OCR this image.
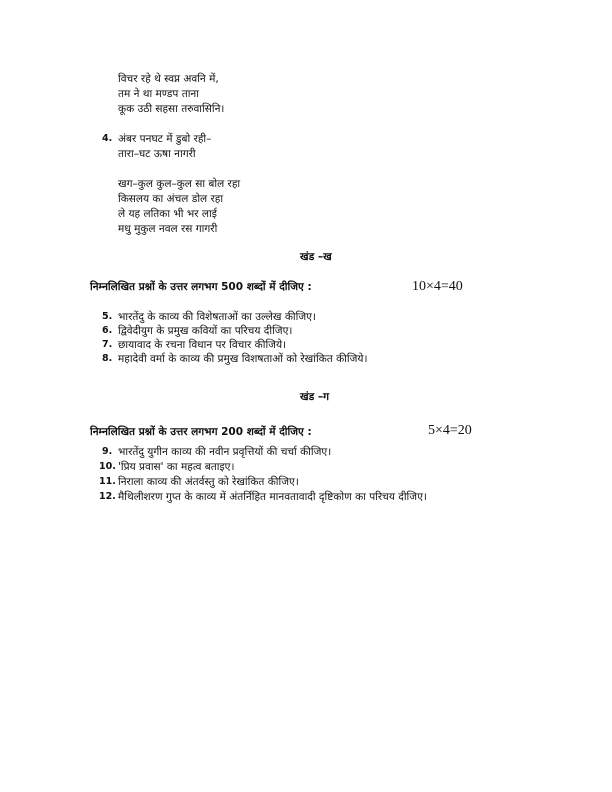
विचर रहे थे स्वप्न अवनि में,
तम ने था मण्डप ताना
कूक उठी सहसा तरुवासिनि।
4. अंबर पनघट में डुबो रही–
तारा–घट ऊषा नागरी
खग–कुल कुल–कुल सा बोल रहा
किसलय का अंचल डोल रहा
ले यह लतिका भी भर लाई
मधु मुकुल नवल रस गागरी
खंड –ख
निम्नलिखित प्रश्नों के उत्तर लगभग 500 शब्दों में दीजिए :	10×4=40
5. भारतेंदु के काव्य की विशेषताओं का उल्लेख कीजिए।
6. द्विवेदीयुग के प्रमुख कवियों का परिचय दीजिए।
7. छायावाद के रचना विधान पर विचार कीजिये।
8. महादेवी वर्मा के काव्य की प्रमुख विशषताओं को रेखांकित कीजिये।
खंड –ग
निम्नलिखित प्रश्नों के उत्तर लगभग 200 शब्दों में दीजिए :	5×4=20
9. भारतेंदु युगीन काव्य की नवीन प्रवृत्तियों की चर्चा कीजिए।
10. 'प्रिय प्रवास' का महत्व बताइए।
11. निराला काव्य की अंतर्वस्तु को रेखांकित कीजिए।
12. मैथिलीशरण गुप्त के काव्य में अंतर्निहित मानवतावादी दृष्टिकोण का परिचय दीजिए।
